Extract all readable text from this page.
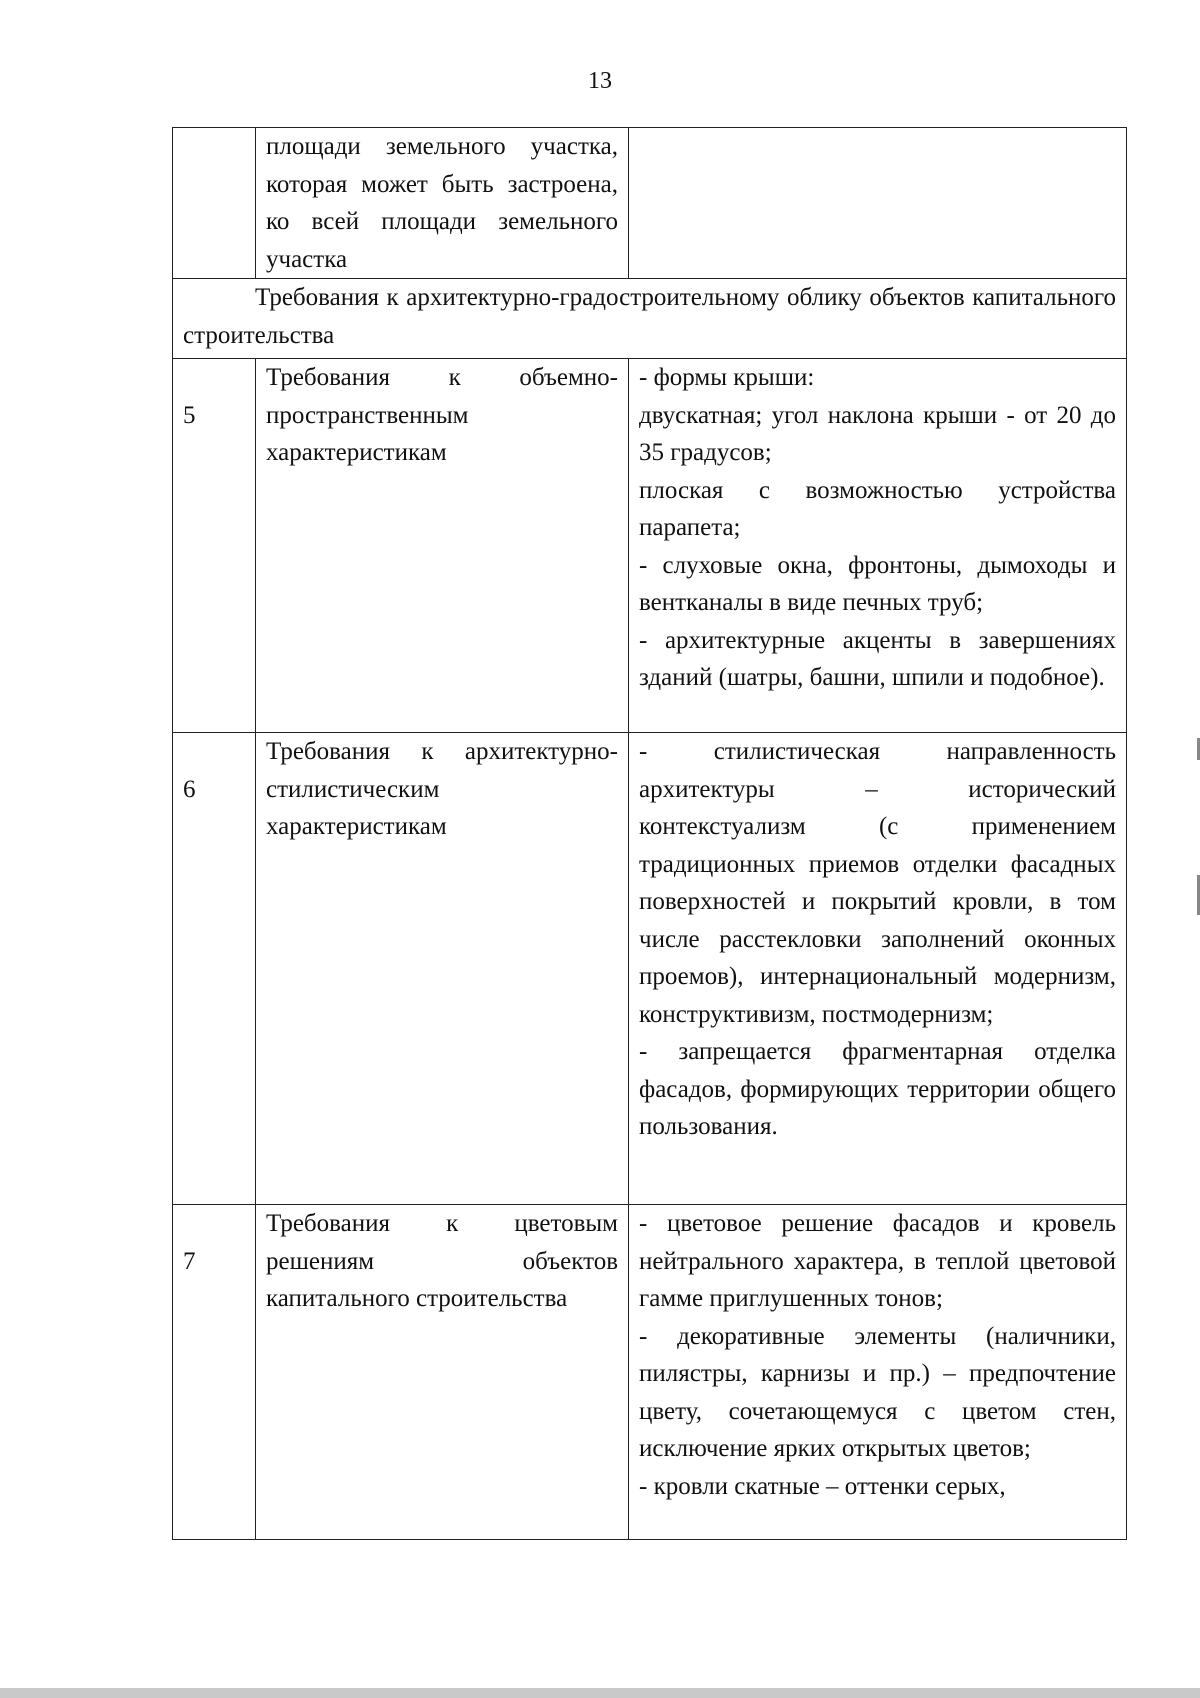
13

	площади земельного участка, которая может быть застроена, ко всей площади земельного участка	

Требования к архитектурно-градостроительному облику объектов капитального строительства		

5	Требования к объемно-пространственным характеристикам	- формы крыши:
двускатная; угол наклона крыши - от 20 до 35 градусов;
плоская с возможностью устройства парапета;
- слуховые окна, фронтоны, дымоходы и вентканалы в виде печных труб;
- архитектурные акценты в завершениях зданий (шатры, башни, шпили и подобное).

6	Требования к архитектурно-стилистическим характеристикам	- стилистическая направленность архитектуры – исторический контекстуализм (с применением традиционных приемов отделки фасадных поверхностей и покрытий кровли, в том числе расстекловки заполнений оконных проемов), интернациональный модернизм, конструктивизм, постмодернизм;
- запрещается фрагментарная отделка фасадов, формирующих территории общего пользования.

7	Требования к цветовым решениям объектов капитального строительства	- цветовое решение фасадов и кровель нейтрального характера, в теплой цветовой гамме приглушенных тонов;
- декоративные элементы (наличники, пилястры, карнизы и пр.) – предпочтение цвету, сочетающемуся с цветом стен, исключение ярких открытых цветов;
- кровли скатные – оттенки серых,
